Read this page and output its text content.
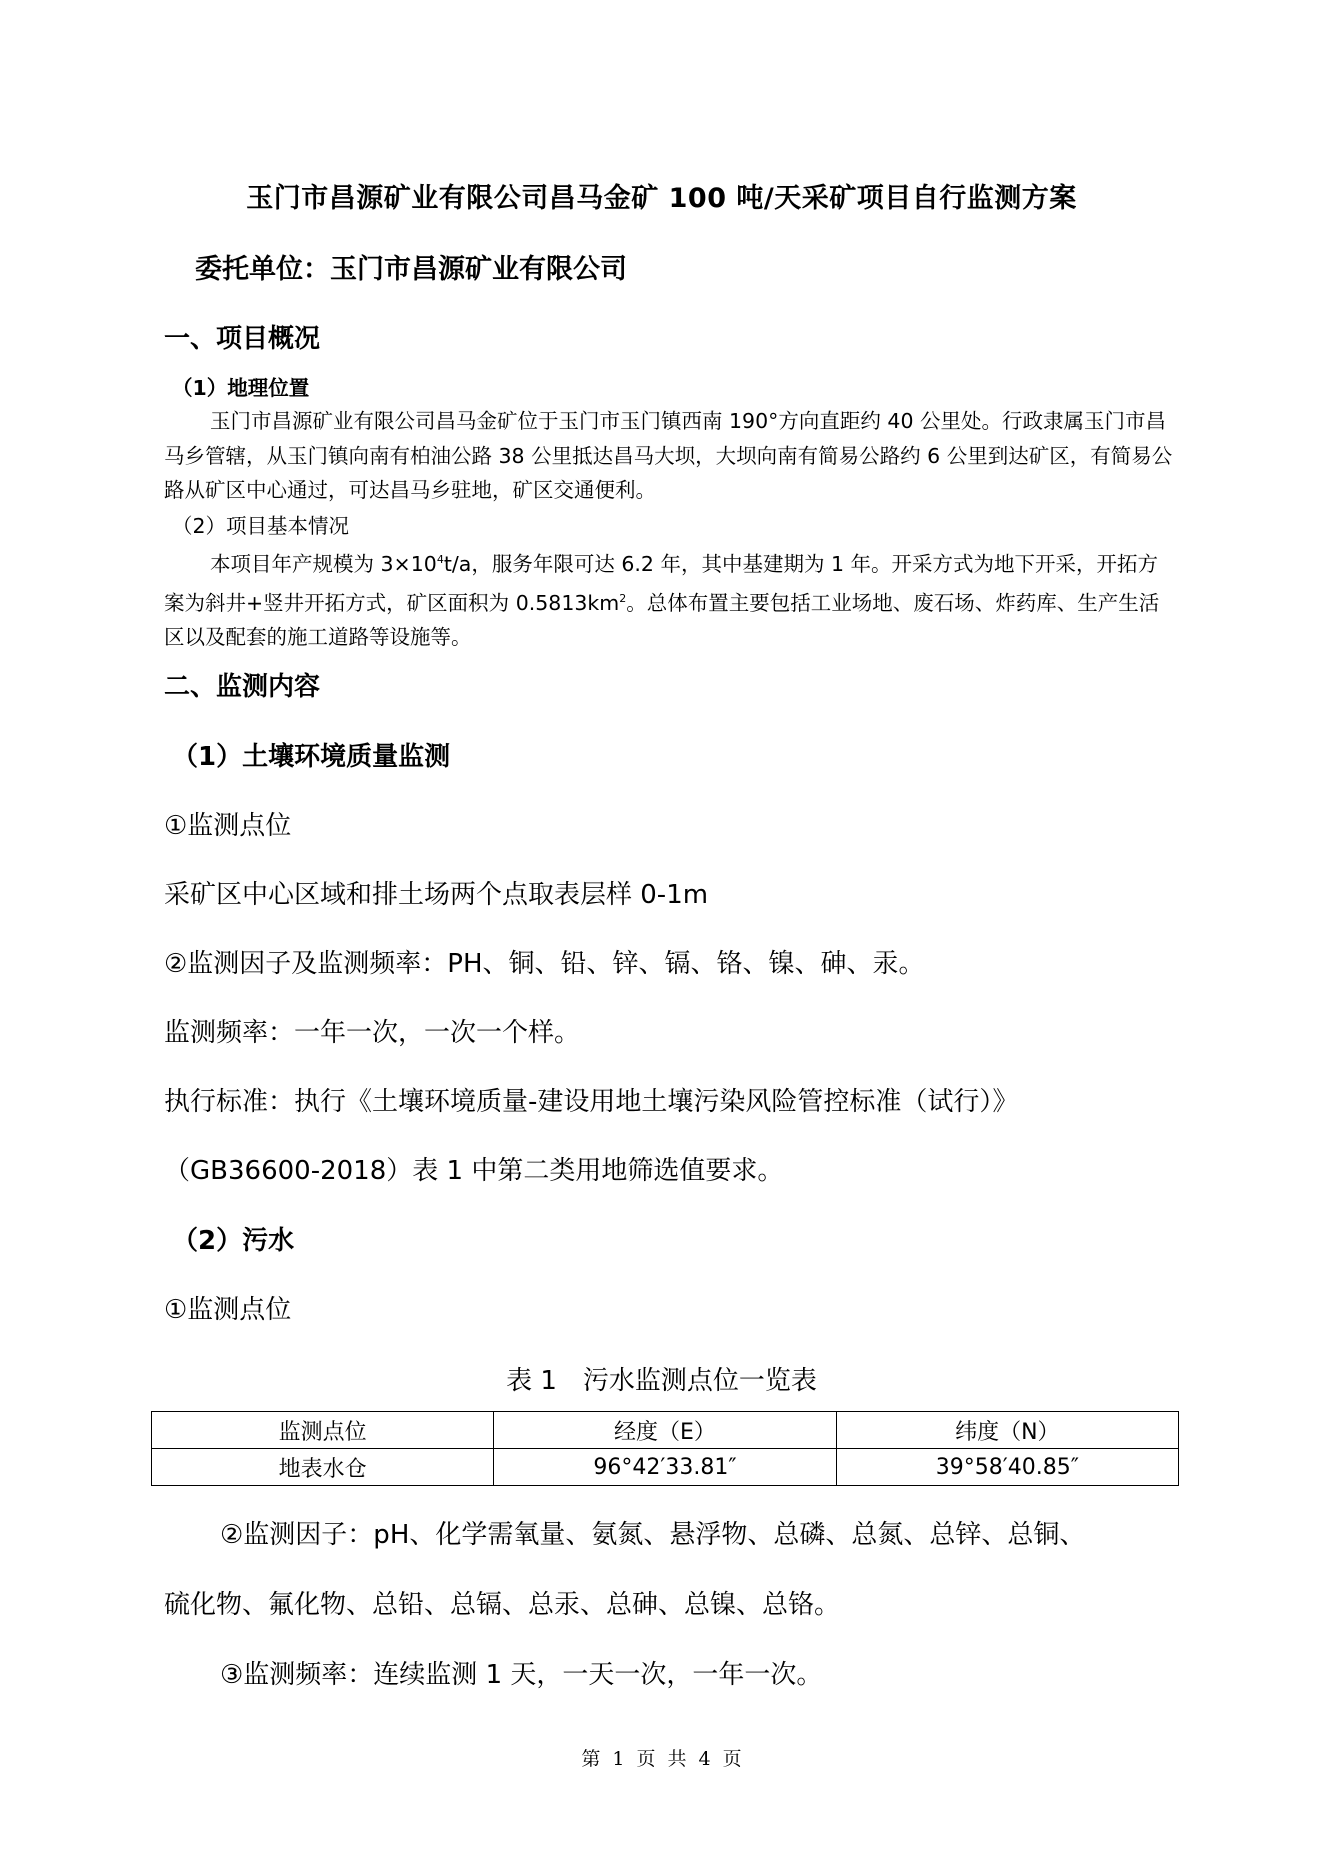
玉门市昌源矿业有限公司昌马金矿 100 吨/天采矿项目自行监测方案
委托单位：玉门市昌源矿业有限公司
一、项目概况
（1）地理位置
玉门市昌源矿业有限公司昌马金矿位于玉门市玉门镇西南 190°方向直距约 40 公里处。行政隶属玉门市昌马乡管辖，从玉门镇向南有柏油公路 38 公里抵达昌马大坝，大坝向南有简易公路约 6 公里到达矿区，有简易公路从矿区中心通过，可达昌马乡驻地，矿区交通便利。
（2）项目基本情况
本项目年产规模为 $3\times 10^4t/a$，服务年限可达 6.2 年，其中基建期为 1 年。开采方式为地下开采，开拓方案为斜井+竖井开拓方式，矿区面积为 $0.5813km^2$。总体布置主要包括工业场地、废石场、炸药库、生产生活区以及配套的施工道路等设施等。
二、监测内容
（1）土壤环境质量监测
①监测点位
采矿区中心区域和排土场两个点取表层样 0-1m
②监测因子及监测频率：PH、铜、铅、锌、镉、铬、镍、砷、汞。
监测频率：一年一次，一次一个样。
执行标准：执行《土壤环境质量-建设用地土壤污染风险管控标准（试行）》
（GB36600-2018）表 1 中第二类用地筛选值要求。
（2）污水
①监测点位
表 1　污水监测点位一览表
监测点位	经度（E）	纬度（N）
地表水仓	96°42′33.81″	39°58′40.85″
②监测因子：pH、化学需氧量、氨氮、悬浮物、总磷、总氮、总锌、总铜、
硫化物、氟化物、总铅、总镉、总汞、总砷、总镍、总铬。
③监测频率：连续监测 1 天，一天一次，一年一次。
第 1 页 共 4 页
